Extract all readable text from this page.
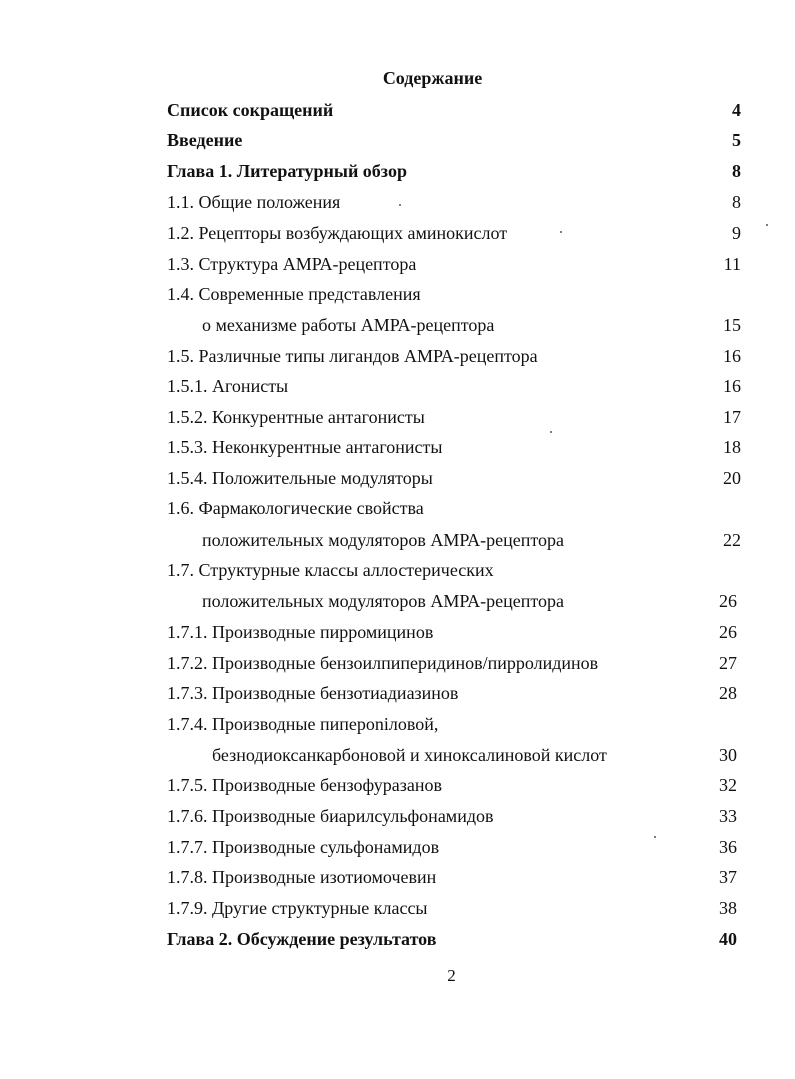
Содержание
Список сокращений	4
Введение	5
Глава 1. Литературный обзор	8
1.1. Общие положения	8
1.2. Рецепторы возбуждающих аминокислот	9
1.3. Структура АМРА-рецептора	11
1.4. Современные представления
о механизме работы АМРА-рецептора	15
1.5. Различные типы лигандов АМРА-рецептора	16
1.5.1. Агонисты	16
1.5.2. Конкурентные антагонисты	17
1.5.3. Неконкурентные антагонисты	18
1.5.4. Положительные модуляторы	20
1.6. Фармакологические свойства
положительных модуляторов АМРА-рецептора	22
1.7. Структурные классы аллостерических
положительных модуляторов АМРА-рецептора	26
1.7.1. Производные пирромицинов	26
1.7.2. Производные бензоилпиперидинов/пирролидинов	27
1.7.3. Производные бензотиадиазинов	28
1.7.4. Производные пипероniловой,
безнодиоксанкарбоновой и хиноксалиновой кислот	30
1.7.5. Производные бензофуразанов	32
1.7.6. Производные биарилсульфонамидов	33
1.7.7. Производные сульфонамидов	36
1.7.8. Производные изотиомочевин	37
1.7.9. Другие структурные классы	38
Глава 2. Обсуждение результатов	40
2
